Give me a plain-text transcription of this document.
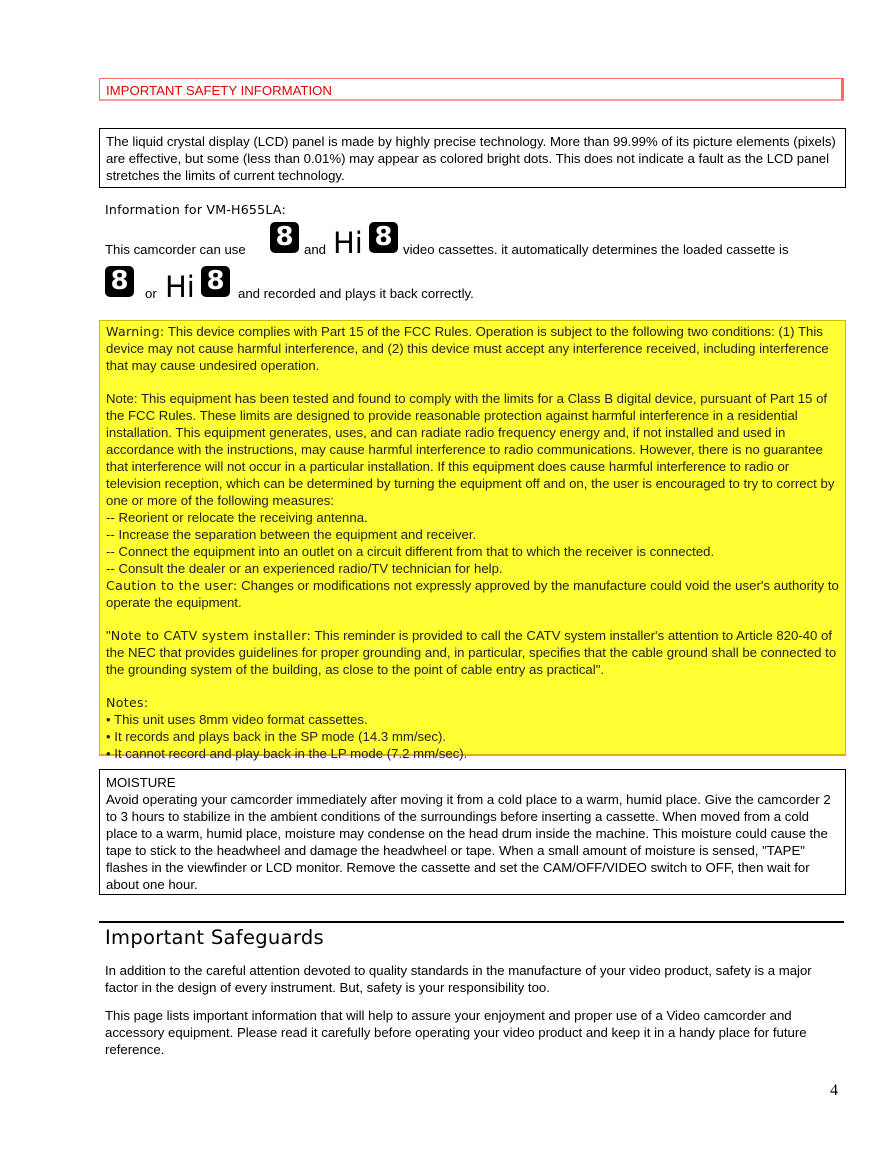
IMPORTANT SAFETY INFORMATION
The liquid crystal display (LCD) panel is made by highly precise technology. More than 99.99% of its picture elements (pixels) are effective, but some (less than 0.01%) may appear as colored bright dots. This does not indicate a fault as the LCD panel stretches the limits of current technology.
Information for VM-H655LA:
This camcorder can use 8 and Hi 8 video cassettes. it automatically determines the loaded cassette is
8	or Hi 8	and recorded and plays it back correctly.

Warning: This device complies with Part 15 of the FCC Rules. Operation is subject to the following two conditions: (1) This device may not cause harmful interference, and (2) this device must accept any interference received, including interference that may cause undesired operation.

Note: This equipment has been tested and found to comply with the limits for a Class B digital device, pursuant of Part 15 of the FCC Rules. These limits are designed to provide reasonable protection against harmful interference in a residential installation. This equipment generates, uses, and can radiate radio frequency energy and, if not installed and used in accordance with the instructions, may cause harmful interference to radio communications. However, there is no guarantee that interference will not occur in a particular installation. If this equipment does cause harmful interference to radio or television reception, which can be determined by turning the equipment off and on, the user is encouraged to try to correct by one or more of the following measures:

-- Reorient or relocate the receiving antenna.

-- Increase the separation between the equipment and receiver.

-- Connect the equipment into an outlet on a circuit different from that to which the receiver is connected.

-- Consult the dealer or an experienced radio/TV technician for help.

Caution to the user: Changes or modifications not expressly approved by the manufacture could void the user's authority to operate the equipment.

"Note to CATV system installer: This reminder is provided to call the CATV system installer's attention to Article 820-40 of the NEC that provides guidelines for proper grounding and, in particular, specifies that the cable ground shall be connected to the grounding system of the building, as close to the point of cable entry as practical".

Notes:

• This unit uses 8mm video format cassettes.

• It records and plays back in the SP mode (14.3 mm/sec).

• It cannot record and play back in the LP mode (7.2 mm/sec).

MOISTURE
Avoid operating your camcorder immediately after moving it from a cold place to a warm, humid place. Give the camcorder 2 to 3 hours to stabilize in the ambient conditions of the surroundings before inserting a cassette. When moved from a cold place to a warm, humid place, moisture may condense on the head drum inside the machine. This moisture could cause the tape to stick to the headwheel and damage the headwheel or tape. When a small amount of moisture is sensed, "TAPE" flashes in the viewfinder or LCD monitor. Remove the cassette and set the CAM/OFF/VIDEO switch to OFF, then wait for about one hour.
Important Safeguards
In addition to the careful attention devoted to quality standards in the manufacture of your video product, safety is a major factor in the design of every instrument. But, safety is your responsibility too.
This page lists important information that will help to assure your enjoyment and proper use of a Video camcorder and accessory equipment. Please read it carefully before operating your video product and keep it in a handy place for future reference.
4
